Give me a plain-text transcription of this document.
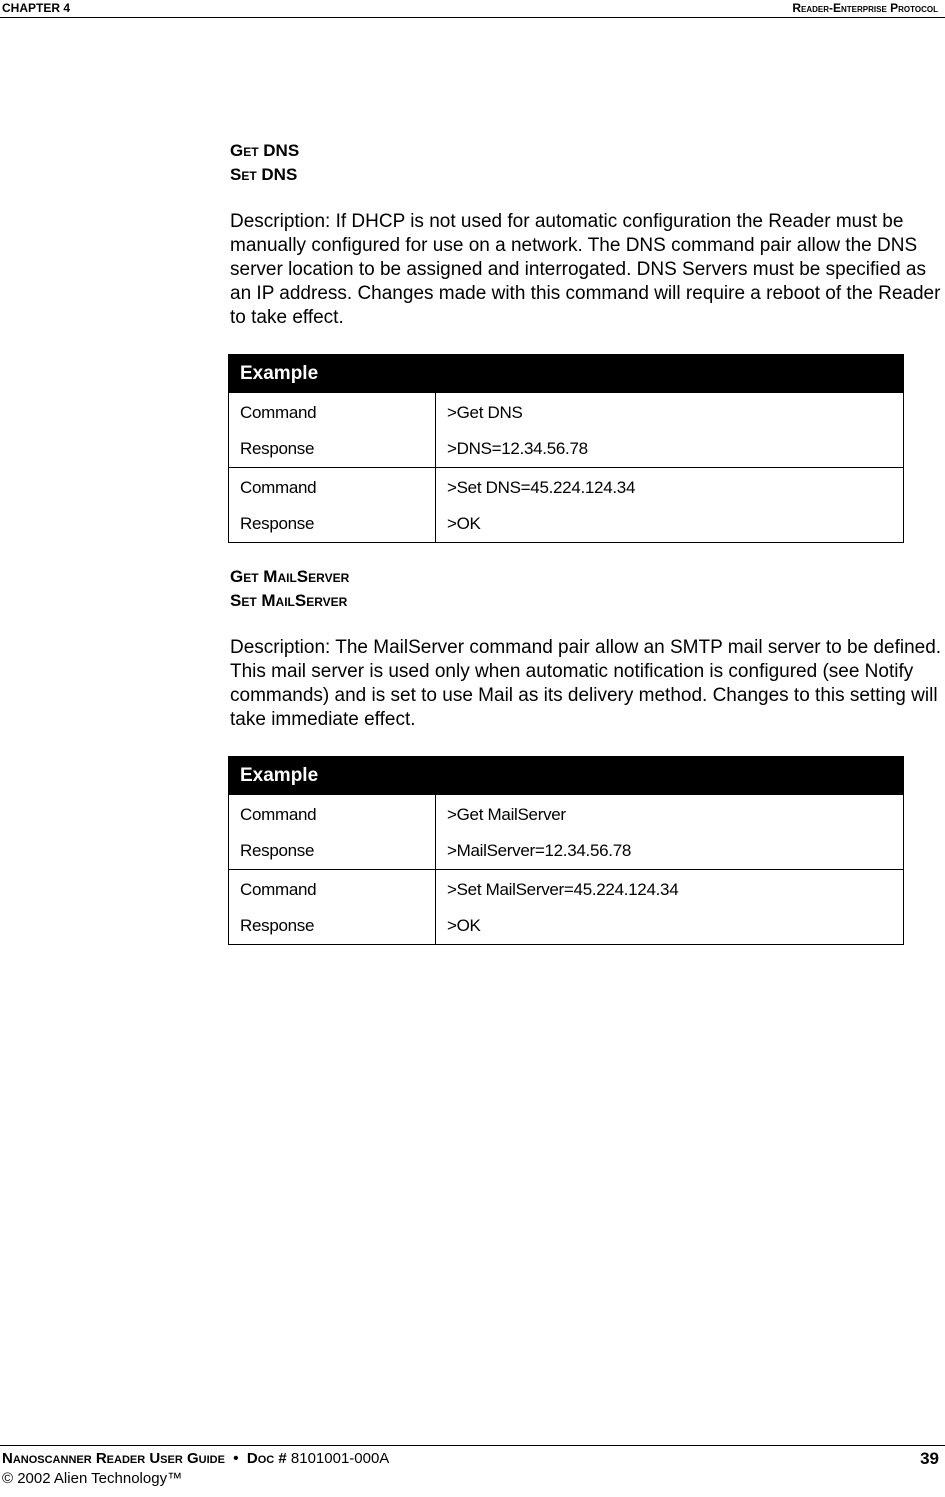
CHAPTER 4	Reader-Enterprise Protocol
Get DNS
Set DNS

Description: If DHCP is not used for automatic configuration the Reader must be manually configured for use on a network. The DNS command pair allow the DNS server location to be assigned and interrogated. DNS Servers must be specified as an IP address. Changes made with this command will require a reboot of the Reader to take effect.

Example	
Command	>Get DNS
Response	>DNS=12.34.56.78
Command	>Set DNS=45.224.124.34
Response	>OK
Get MailServer
Set MailServer

Description: The MailServer command pair allow an SMTP mail server to be defined. This mail server is used only when automatic notification is configured (see Notify commands) and is set to use Mail as its delivery method. Changes to this setting will take immediate effect.

Example	
Command	>Get MailServer
Response	>MailServer=12.34.56.78
Command	>Set MailServer=45.224.124.34
Response	>OK
Nanoscanner Reader User Guide • Doc # 8101001-000A
© 2002 Alien Technology™
39
